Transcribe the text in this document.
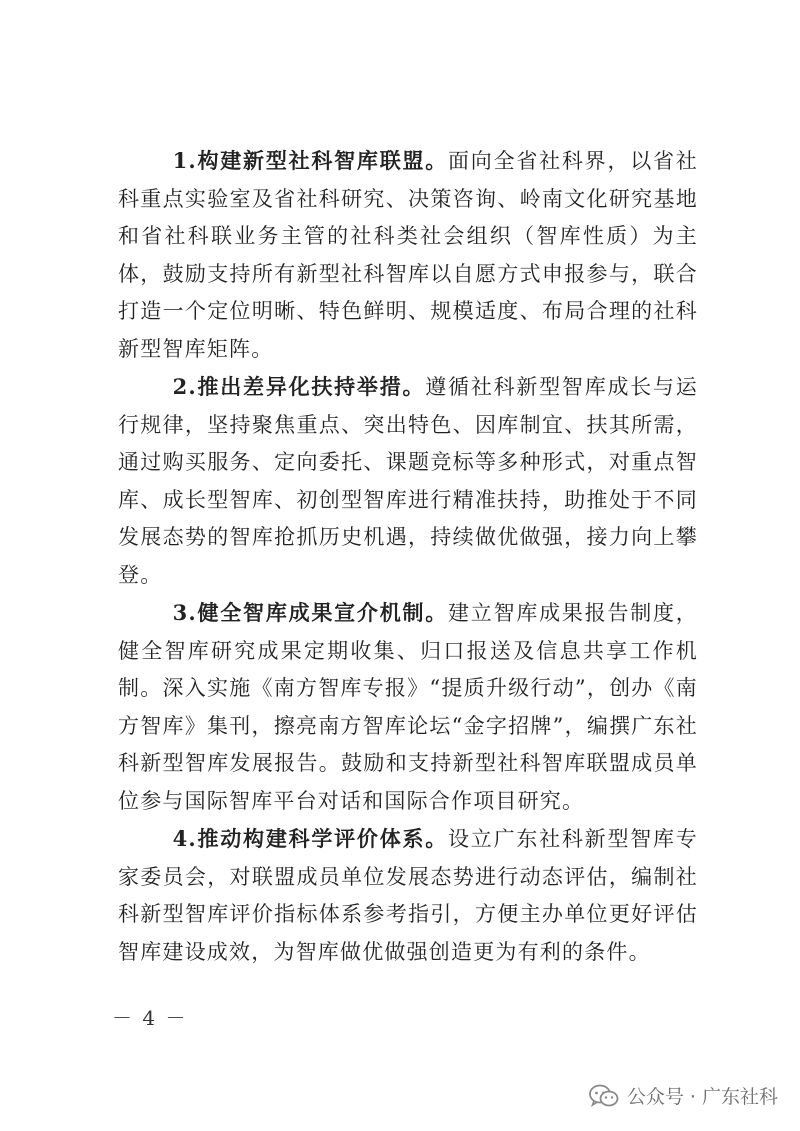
1.构建新型社科智库联盟。面向全省社科界，以省社科重点实验室及省社科研究、决策咨询、岭南文化研究基地和省社科联业务主管的社科类社会组织（智库性质）为主体，鼓励支持所有新型社科智库以自愿方式申报参与，联合打造一个定位明晰、特色鲜明、规模适度、布局合理的社科新型智库矩阵。

2.推出差异化扶持举措。遵循社科新型智库成长与运行规律，坚持聚焦重点、突出特色、因库制宜、扶其所需，通过购买服务、定向委托、课题竞标等多种形式，对重点智库、成长型智库、初创型智库进行精准扶持，助推处于不同发展态势的智库抢抓历史机遇，持续做优做强，接力向上攀登。

3.健全智库成果宣介机制。建立智库成果报告制度，健全智库研究成果定期收集、归口报送及信息共享工作机制。深入实施《南方智库专报》“提质升级行动”，创办《南方智库》集刊，擦亮南方智库论坛“金字招牌”，编撰广东社科新型智库发展报告。鼓励和支持新型社科智库联盟成员单位参与国际智库平台对话和国际合作项目研究。

4.推动构建科学评价体系。设立广东社科新型智库专家委员会，对联盟成员单位发展态势进行动态评估，编制社科新型智库评价指标体系参考指引，方便主办单位更好评估智库建设成效，为智库做优做强创造更为有利的条件。

－ 4 －
公众号 · 广东社科
